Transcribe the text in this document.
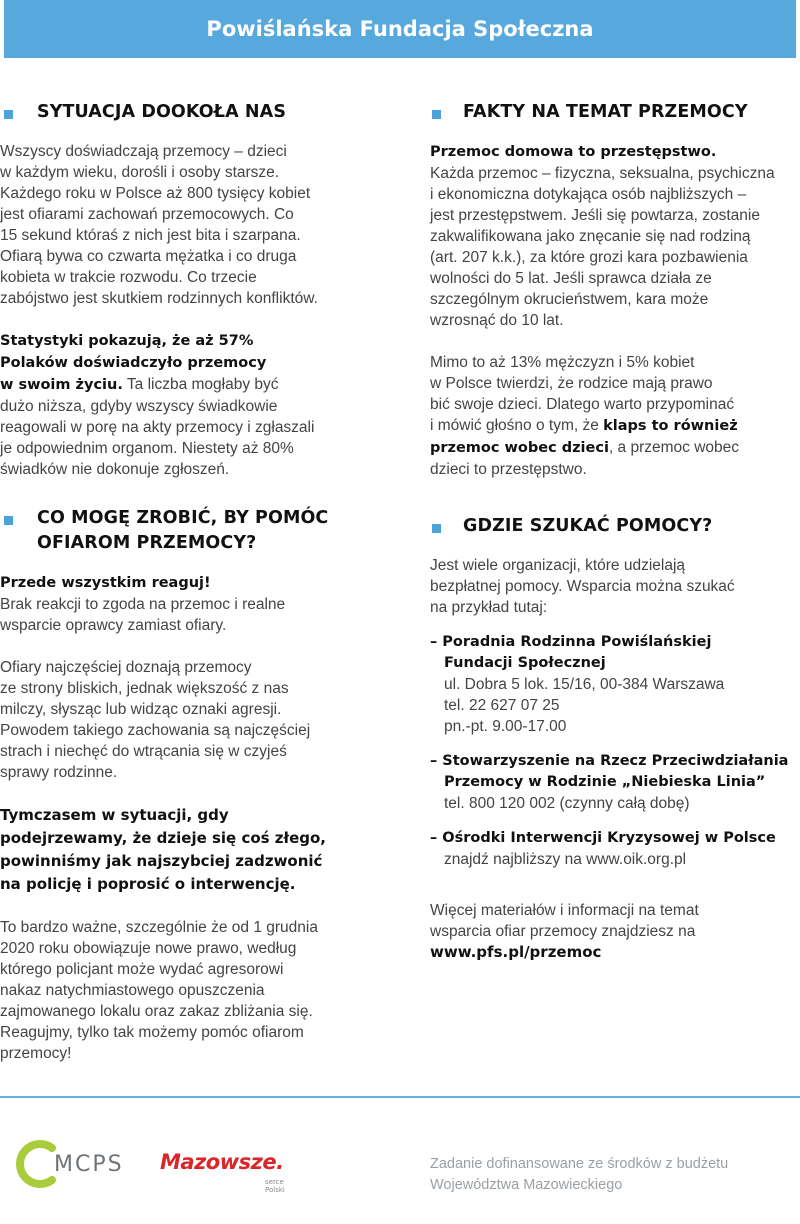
Powiślańska Fundacja Społeczna
SYTUACJA DOOKOŁA NAS

Wszyscy doświadczają przemocy – dzieci
w każdym wieku, dorośli i osoby starsze.
Każdego roku w Polsce aż 800 tysięcy kobiet
jest ofiarami zachowań przemocowych. Co
15 sekund któraś z nich jest bita i szarpana.
Ofiarą bywa co czwarta mężatka i co druga
kobieta w trakcie rozwodu. Co trzecie
zabójstwo jest skutkiem rodzinnych konfliktów.

Statystyki pokazują, że aż 57%
Polaków doświadczyło przemocy
w swoim życiu. Ta liczba mogłaby być
dużo niższa, gdyby wszyscy świadkowie
reagowali w porę na akty przemocy i zgłaszali
je odpowiednim organom. Niestety aż 80%
świadków nie dokonuje zgłoszeń.

CO MOGĘ ZROBIĆ, BY POMÓC
OFIAROM PRZEMOCY?

Przede wszystkim reaguj!
Brak reakcji to zgoda na przemoc i realne
wsparcie oprawcy zamiast ofiary.

Ofiary najczęściej doznają przemocy
ze strony bliskich, jednak większość z nas
milczy, słysząc lub widząc oznaki agresji.
Powodem takiego zachowania są najczęściej
strach i niechęć do wtrącania się w czyjeś
sprawy rodzinne.

Tymczasem w sytuacji, gdy
podejrzewamy, że dzieje się coś złego,
powinniśmy jak najszybciej zadzwonić
na policję i poprosić o interwencję.

To bardzo ważne, szczególnie że od 1 grudnia
2020 roku obowiązuje nowe prawo, według
którego policjant może wydać agresorowi
nakaz natychmiastowego opuszczenia
zajmowanego lokalu oraz zakaz zbliżania się.
Reagujmy, tylko tak możemy pomóc ofiarom
przemocy!

FAKTY NA TEMAT PRZEMOCY

Przemoc domowa to przestępstwo.
Każda przemoc – fizyczna, seksualna, psychiczna
i ekonomiczna dotykająca osób najbliższych –
jest przestępstwem. Jeśli się powtarza, zostanie
zakwalifikowana jako znęcanie się nad rodziną
(art. 207 k.k.), za które grozi kara pozbawienia
wolności do 5 lat. Jeśli sprawca działa ze
szczególnym okrucieństwem, kara może
wzrosnąć do 10 lat.

Mimo to aż 13% mężczyzn i 5% kobiet
w Polsce twierdzi, że rodzice mają prawo
bić swoje dzieci. Dlatego warto przypominać
i mówić głośno o tym, że klaps to również
przemoc wobec dzieci, a przemoc wobec
dzieci to przestępstwo.

GDZIE SZUKAĆ POMOCY?

Jest wiele organizacji, które udzielają
bezpłatnej pomocy. Wsparcia można szukać
na przykład tutaj:

– Poradnia Rodzinna Powiślańskiej
Fundacji Społecznej

ul. Dobra 5 lok. 15/16, 00-384 Warszawa

tel. 22 627 07 25

pn.-pt. 9.00-17.00

– Stowarzyszenie na Rzecz Przeciwdziałania
Przemocy w Rodzinie „Niebieska Linia”

tel. 800 120 002 (czynny całą dobę)

– Ośrodki Interwencji Kryzysowej w Polsce

znajdź najbliższy na www.oik.org.pl

Więcej materiałów i informacji na temat
wsparcia ofiar przemocy znajdziesz na
www.pfs.pl/przemoc

MCPS Mazowsze.
serce Polski
Zadanie dofinansowane ze środków z budżetu
Województwa Mazowieckiego
